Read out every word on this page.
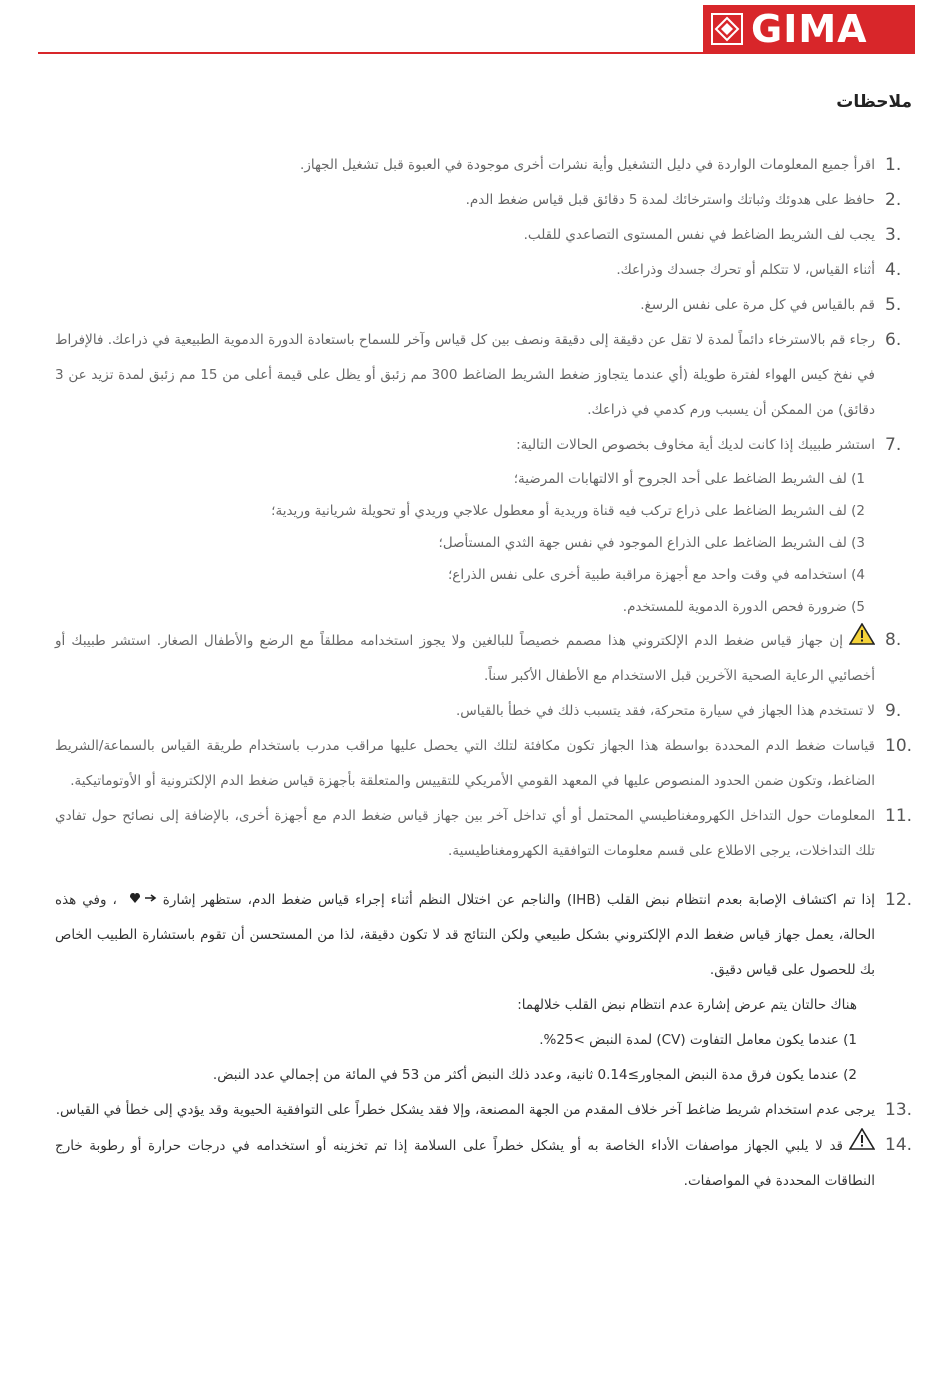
GIMA
ملاحظات
1.
اقرأ جميع المعلومات الواردة في دليل التشغيل وأية نشرات أخرى موجودة في العبوة قبل تشغيل الجهاز.
2.
حافظ على هدوئك وثباتك واسترخائك لمدة 5 دقائق قبل قياس ضغط الدم.
3.
يجب لف الشريط الضاغط في نفس المستوى التصاعدي للقلب.
4.
أثناء القياس، لا تتكلم أو تحرك جسدك وذراعك.
5.
قم بالقياس في كل مرة على نفس الرسغ.
6.
رجاء قم بالاسترخاء دائماً لمدة لا تقل عن دقيقة إلى دقيقة ونصف بين كل قياس وآخر للسماح باستعادة الدورة الدموية الطبيعية في ذراعك. فالإفراط في نفخ كيس الهواء لفترة طويلة (أي عندما يتجاوز ضغط الشريط الضاغط 300 مم زئبق أو يظل على قيمة أعلى من 15 مم زئبق لمدة تزيد عن 3 دقائق) من الممكن أن يسبب ورم كدمي في ذراعك.
7.
استشر طبيبك إذا كانت لديك أية مخاوف بخصوص الحالات التالية:
1) لف الشريط الضاغط على أحد الجروح أو الالتهابات المرضية؛
2) لف الشريط الضاغط على ذراع تركب فيه قناة وريدية أو معطول علاجي وريدي أو تحويلة شريانية وريدية؛
3) لف الشريط الضاغط على الذراع الموجود في نفس جهة الثدي المستأصل؛
4) استخدامه في وقت واحد مع أجهزة مراقبة طبية أخرى على نفس الذراع؛
5) ضرورة فحص الدورة الدموية للمستخدم.
8.
إن جهاز قياس ضغط الدم الإلكتروني هذا مصمم خصيصاً للبالغين ولا يجوز استخدامه مطلقاً مع الرضع والأطفال الصغار. استشر طبيبك أو أخصائيي الرعاية الصحية الآخرين قبل الاستخدام مع الأطفال الأكبر سناً.
9.
لا تستخدم هذا الجهاز في سيارة متحركة، فقد يتسبب ذلك في خطأ بالقياس.
10.
قياسات ضغط الدم المحددة بواسطة هذا الجهاز تكون مكافئة لتلك التي يحصل عليها مراقب مدرب باستخدام طريقة القياس بالسماعة/الشريط الضاغط، وتكون ضمن الحدود المنصوص عليها في المعهد القومي الأمريكي للتقييس والمتعلقة بأجهزة قياس ضغط الدم الإلكترونية أو الأوتوماتيكية.
11.
المعلومات حول التداخل الكهرومغناطيسي المحتمل أو أي تداخل آخر بين جهاز قياس ضغط الدم مع أجهزة أخرى، بالإضافة إلى نصائح حول تفادي تلك التداخلات، يرجى الاطلاع على قسم معلومات التوافقية الكهرومغناطيسية.
12.
إذا تم اكتشاف الإصابة بعدم انتظام نبض القلب (IHB) والناجم عن اختلال النظم أثناء إجراء قياس ضغط الدم، ستظهر إشارة  ، وفي هذه الحالة، يعمل جهاز قياس ضغط الدم الإلكتروني بشكل طبيعي ولكن النتائج قد لا تكون دقيقة، لذا من المستحسن أن تقوم باستشارة الطبيب الخاص بك للحصول على قياس دقيق.
هناك حالتان يتم عرض إشارة عدم انتظام نبض القلب خلالهما:
1) عندما يكون معامل التفاوت (CV) لمدة النبض >25%.
2) عندما يكون فرق مدة النبض المجاور≥0.14 ثانية، وعدد ذلك النبض أكثر من 53 في المائة من إجمالي عدد النبض.
13.
يرجى عدم استخدام شريط ضاغط آخر خلاف المقدم من الجهة المصنعة، وإلا فقد يشكل خطراً على التوافقية الحيوية وقد يؤدي إلى خطأ في القياس.
14.
قد لا يلبي الجهاز مواصفات الأداء الخاصة به أو يشكل خطراً على السلامة إذا تم تخزينه أو استخدامه في درجات حرارة أو رطوبة خارج النطاقات المحددة في المواصفات.
